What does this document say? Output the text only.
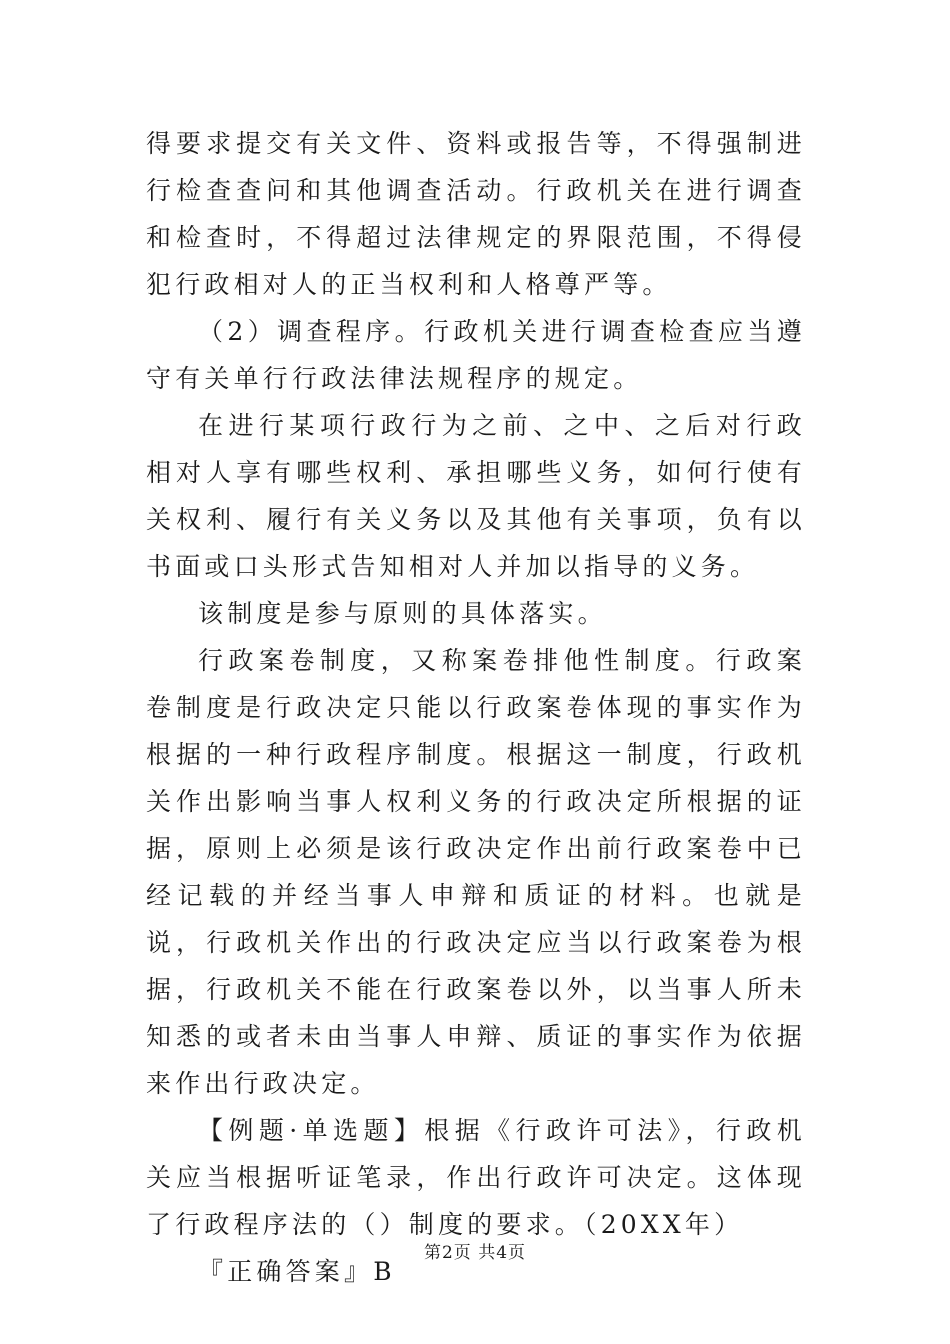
得要求提交有关文件、资料或报告等，不得强制进行检查查问和其他调查活动。行政机关在进行调查和检查时，不得超过法律规定的界限范围，不得侵犯行政相对人的正当权利和人格尊严等。

（2）调查程序。行政机关进行调查检查应当遵守有关单行行政法律法规程序的规定。

在进行某项行政行为之前、之中、之后对行政相对人享有哪些权利、承担哪些义务，如何行使有关权利、履行有关义务以及其他有关事项，负有以书面或口头形式告知相对人并加以指导的义务。

该制度是参与原则的具体落实。

行政案卷制度，又称案卷排他性制度。行政案卷制度是行政决定只能以行政案卷体现的事实作为根据的一种行政程序制度。根据这一制度，行政机关作出影响当事人权利义务的行政决定所根据的证据，原则上必须是该行政决定作出前行政案卷中已经记载的并经当事人申辩和质证的材料。也就是说，行政机关作出的行政决定应当以行政案卷为根据，行政机关不能在行政案卷以外，以当事人所未知悉的或者未由当事人申辩、质证的事实作为依据来作出行政决定。

【例题·单选题】根据《行政许可法》，行政机关应当根据听证笔录，作出行政许可决定。这体现了行政程序法的（）制度的要求。（20XX年）

『正确答案』B

第2页 共4页
